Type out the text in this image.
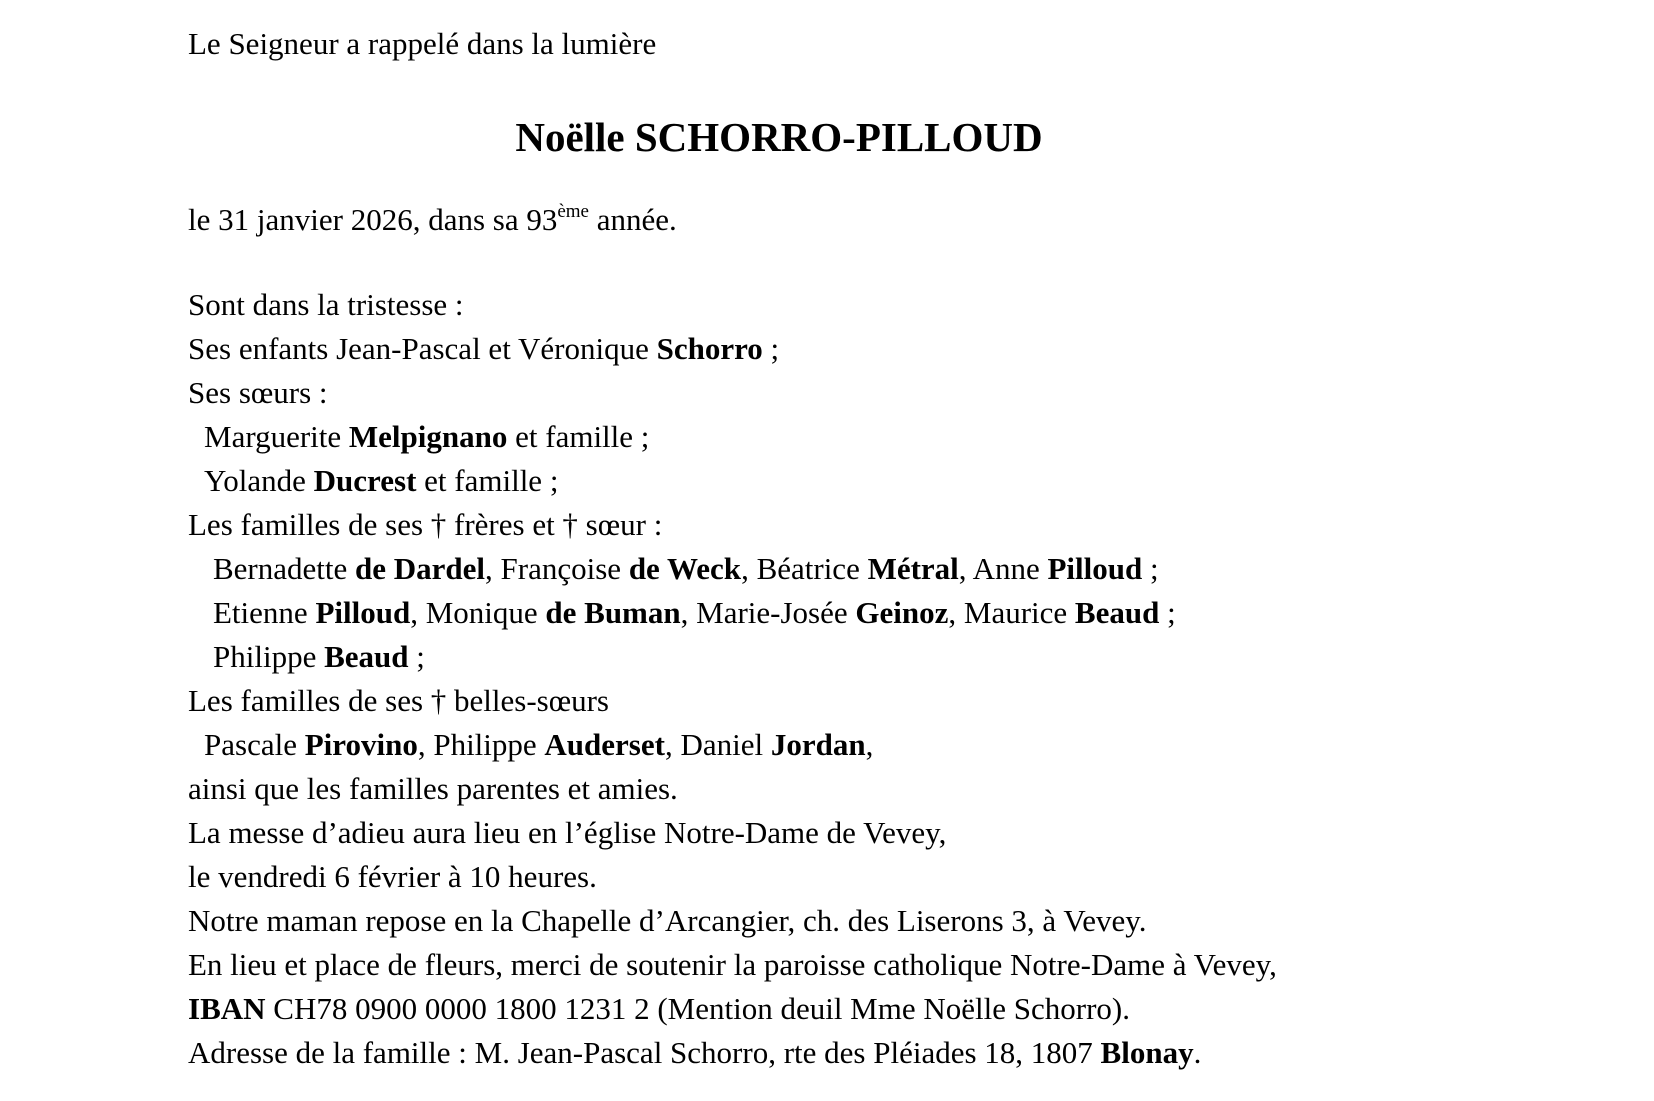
Le Seigneur a rappelé dans la lumière
Noëlle SCHORRO-PILLOUD
le 31 janvier 2026, dans sa 93ème année.
Sont dans la tristesse :
Ses enfants Jean-Pascal et Véronique Schorro ;
Ses sœurs :
Marguerite Melpignano et famille ;
Yolande Ducrest et famille ;
Les familles de ses † frères et † sœur :
Bernadette de Dardel, Françoise de Weck, Béatrice Métral, Anne Pilloud ;
Etienne Pilloud, Monique de Buman, Marie-Josée Geinoz, Maurice Beaud ;
Philippe Beaud ;
Les familles de ses † belles-sœurs
Pascale Pirovino, Philippe Auderset, Daniel Jordan,
ainsi que les familles parentes et amies.
La messe d’adieu aura lieu en l’église Notre-Dame de Vevey,
le vendredi 6 février à 10 heures.
Notre maman repose en la Chapelle d’Arcangier, ch. des Liserons 3, à Vevey.
En lieu et place de fleurs, merci de soutenir la paroisse catholique Notre-Dame à Vevey,
IBAN CH78 0900 0000 1800 1231 2 (Mention deuil Mme Noëlle Schorro).
Adresse de la famille : M. Jean-Pascal Schorro, rte des Pléiades 18, 1807 Blonay.
